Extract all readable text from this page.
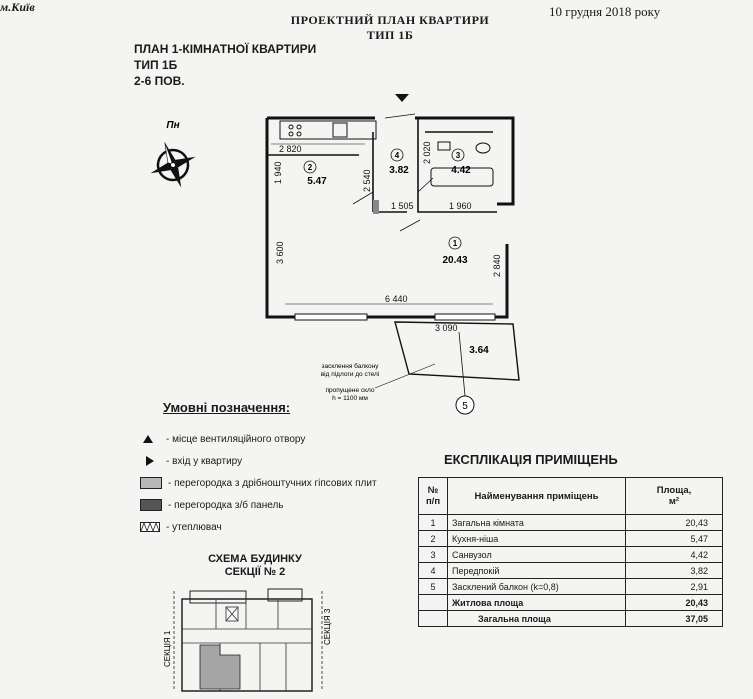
м.Київ	10 грудня 2018 року
ПРОЕКТНИЙ ПЛАН КВАРТИРИ
ТИП 1Б
ПЛАН 1-КІМНАТНОЇ КВАРТИРИ
ТИП 1Б
2-6 ПОВ.
Пн
5
2
5.47
4
3.82
3
4.42
1
20.43
3.64
2 820
1 940	2 540
2 020
1 505	1 960
3 600
2 840
6 440
3 090
засклення балкону
від підлоги до стелі
пропущене скло
h = 1100 мм
Умовні позначення:
- місце вентиляційного отвору
- вхід у квартиру
- перегородка з дрібноштучних гіпсових плит
- перегородка з/б панель
- утеплювач
ЕКСПЛІКАЦІЯ ПРИМІЩЕНЬ
№ п/п	Найменування приміщень	Площа,
м²

1	Загальна кімната	20,43
2	Кухня-ніша	5,47
3	Санвузол	4,42
4	Передпокій	3,82
5	Засклений балкон (k=0,8)	2,91
	Житлова площа	20,43
	Загальна площа	37,05
СХЕМА БУДИНКУ
СЕКЦІЇ № 2
СЕКЦІЯ 1
СЕКЦІЯ 3
